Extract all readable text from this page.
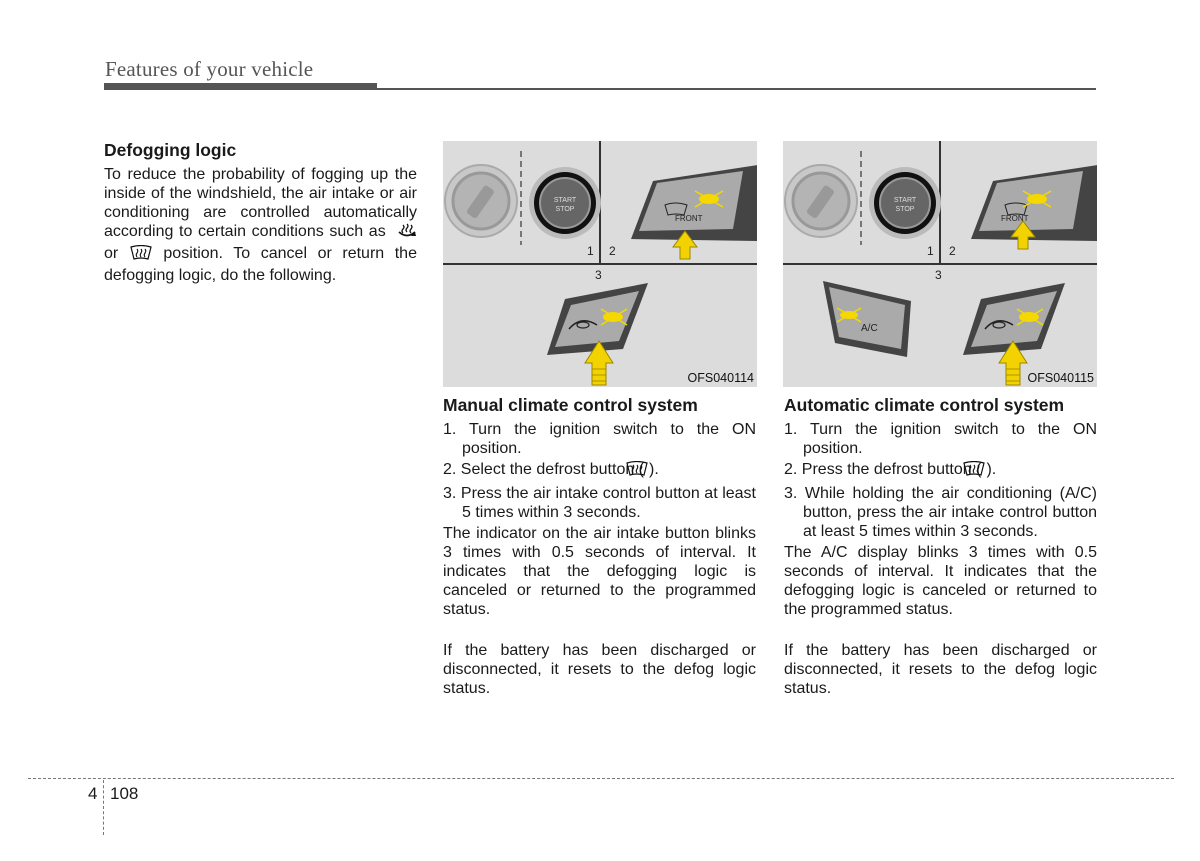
Features of your vehicle
Defogging logic

To reduce the probability of fogging up the inside of the windshield, the air intake or air conditioning are controlled automatically according to certain conditions such as   or	position. To cancel or return the defogging logic, do the following.

START
STOP
FRONT
1 2
3
OFS040114
START
STOP
FRONT
1 2
3
A/C
OFS040115
Manual climate control system
1. Turn the ignition switch to the ON position.
2. Select the defrost button ( ).
3. Press the air intake control button at least 5 times within 3 seconds.

The indicator on the air intake button blinks 3 times with 0.5 seconds of interval. It indicates that the defogging logic is canceled or returned to the programmed status.

If the battery has been discharged or disconnected, it resets to the defog logic status.

Automatic climate control system
1. Turn the ignition switch to the ON position.
2. Press the defrost button ( ).
3. While holding the air conditioning (A/C) button, press the air intake control button at least 5 times within 3 seconds.

The A/C display blinks 3 times with 0.5 seconds of interval. It indicates that the defogging logic is canceled or returned to the programmed status.

If the battery has been discharged or disconnected, it resets to the defog logic status.

4 108
